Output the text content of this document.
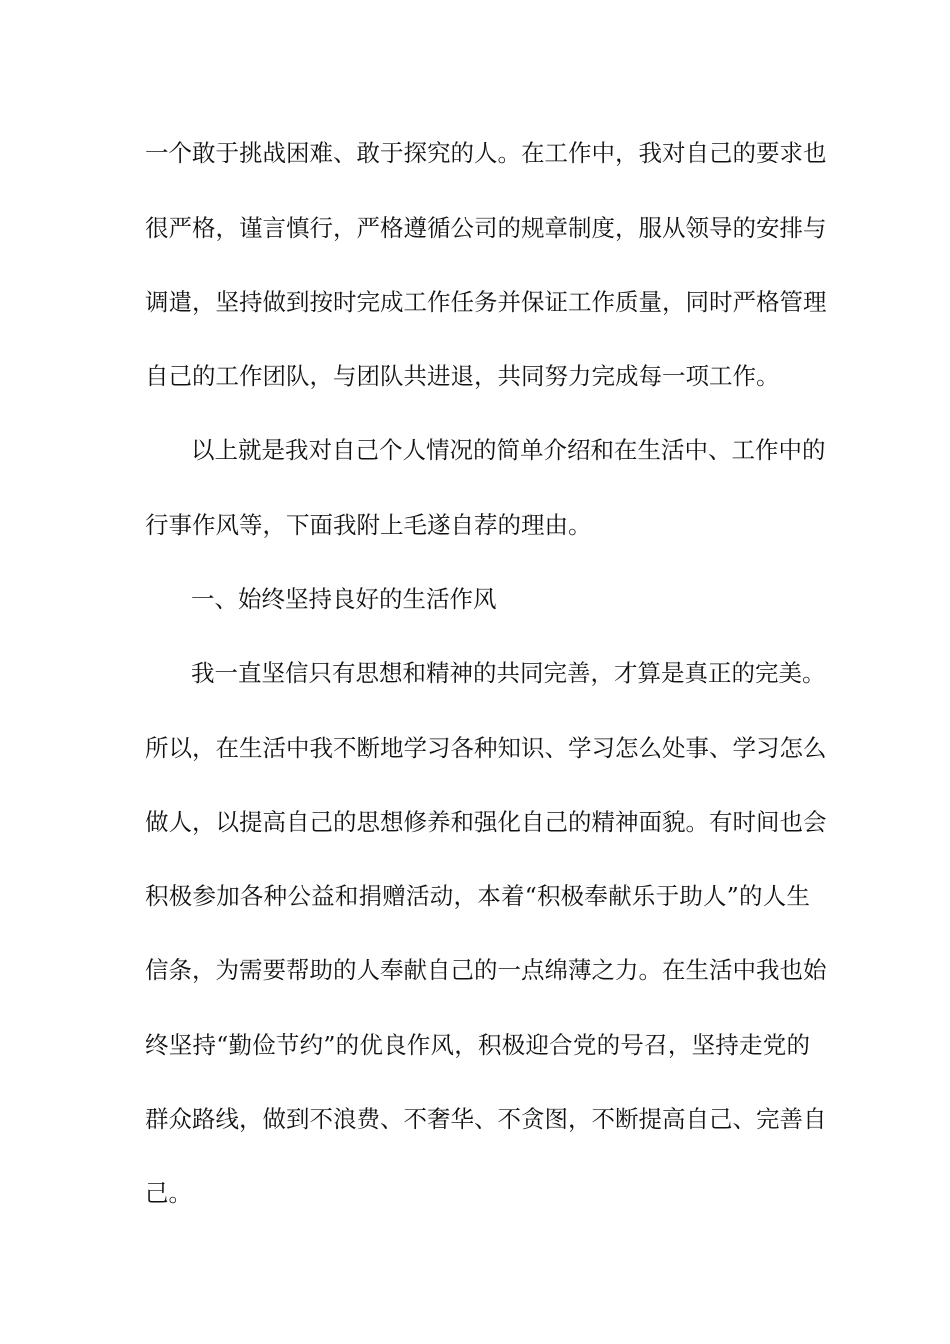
一个敢于挑战困难、敢于探究的人。在工作中，我对自己的要求也
很严格，谨言慎行，严格遵循公司的规章制度，服从领导的安排与
调遣，坚持做到按时完成工作任务并保证工作质量，同时严格管理
自己的工作团队，与团队共进退，共同努力完成每一项工作。
以上就是我对自己个人情况的简单介绍和在生活中、工作中的
行事作风等，下面我附上毛遂自荐的理由。
一、始终坚持良好的生活作风
我一直坚信只有思想和精神的共同完善，才算是真正的完美。
所以，在生活中我不断地学习各种知识、学习怎么处事、学习怎么
做人，以提高自己的思想修养和强化自己的精神面貌。有时间也会
积极参加各种公益和捐赠活动，本着“积极奉献乐于助人”的人生
信条，为需要帮助的人奉献自己的一点绵薄之力。在生活中我也始
终坚持“勤俭节约”的优良作风，积极迎合党的号召，坚持走党的
群众路线，做到不浪费、不奢华、不贪图，不断提高自己、完善自
己。
